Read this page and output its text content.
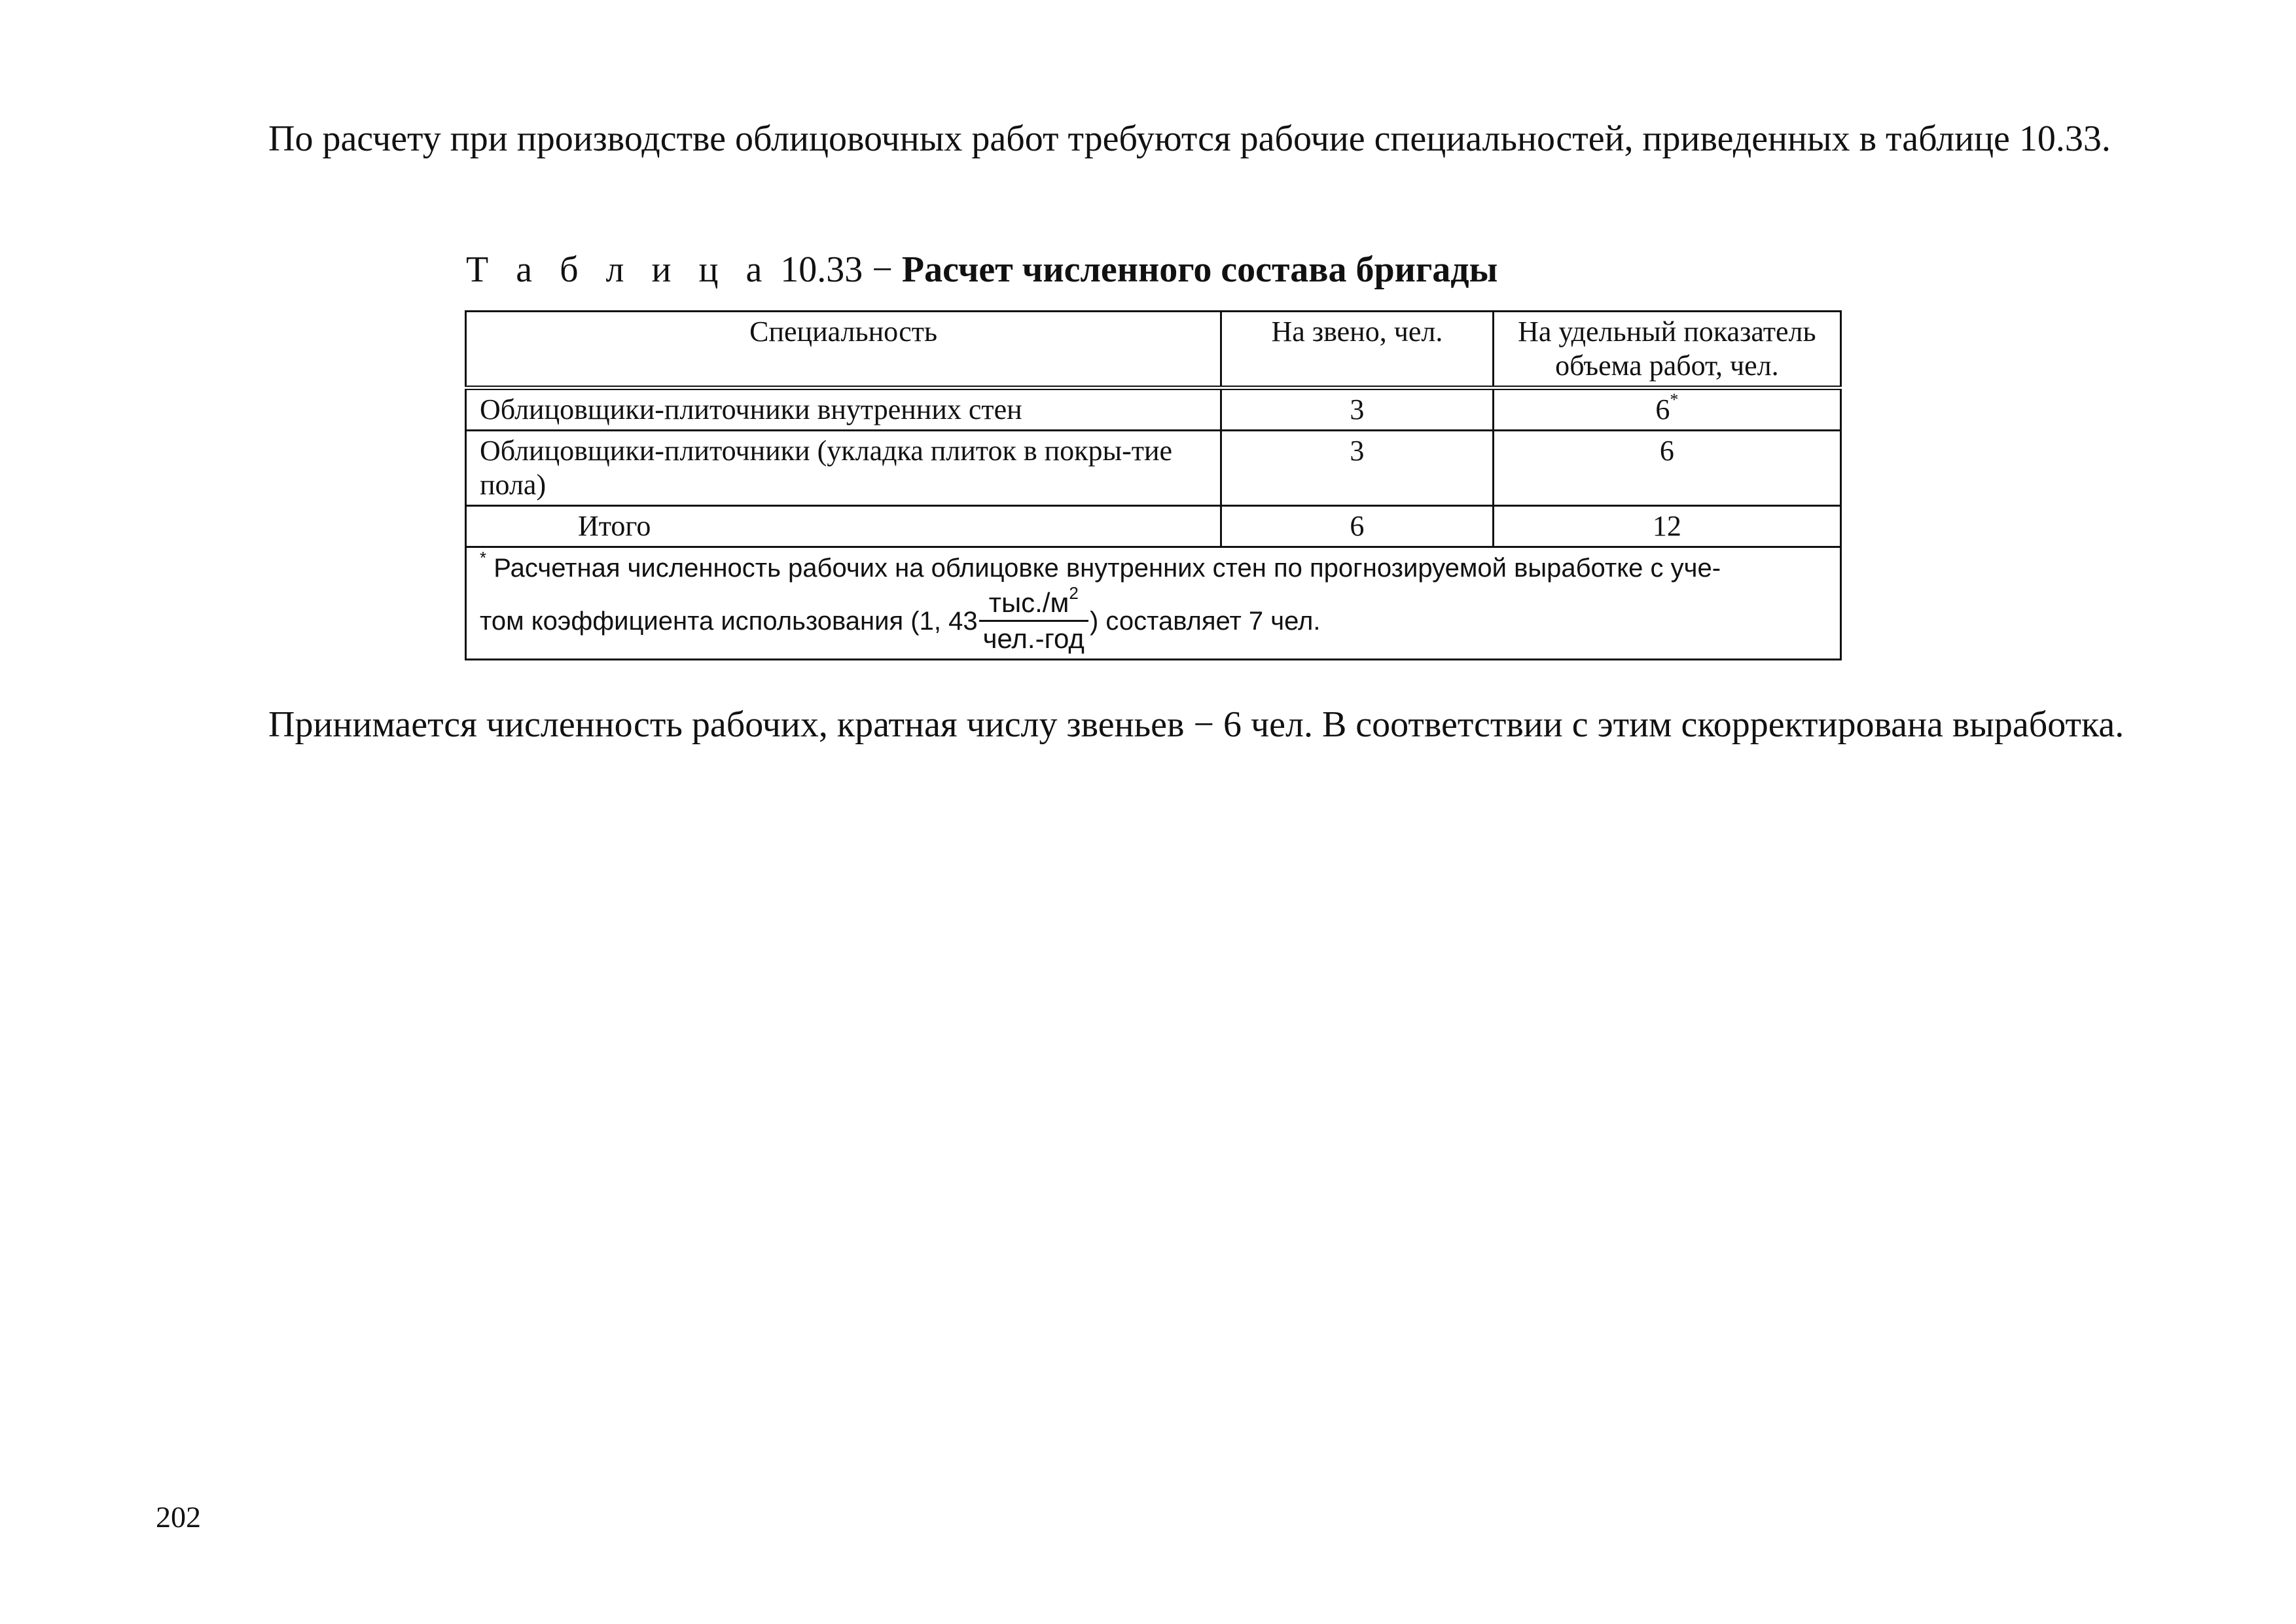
По расчету при производстве облицовочных работ требуются рабочие специальностей, приведенных в таблице 10.33.

Т а б л и ц а 10.33 − Расчет численного состава бригады
Специальность	На звено, чел.	На удельный показатель объема работ, чел.
Облицовщики-плиточники внутренних стен	3	6*
Облицовщики-плиточники (укладка плиток в покры-тие пола)	3	6
Итого	6	12

* Расчетная численность рабочих на облицовке внутренних стен по прогнозируемой выработке с уче-
том коэффициента использования (1, $43 \frac{тыс./м^2}{\text{чел.-год}}$ ) составляет 7 чел.		

Принимается численность рабочих, кратная числу звеньев − 6 чел. В соответствии с этим скорректирована выработка.

202
